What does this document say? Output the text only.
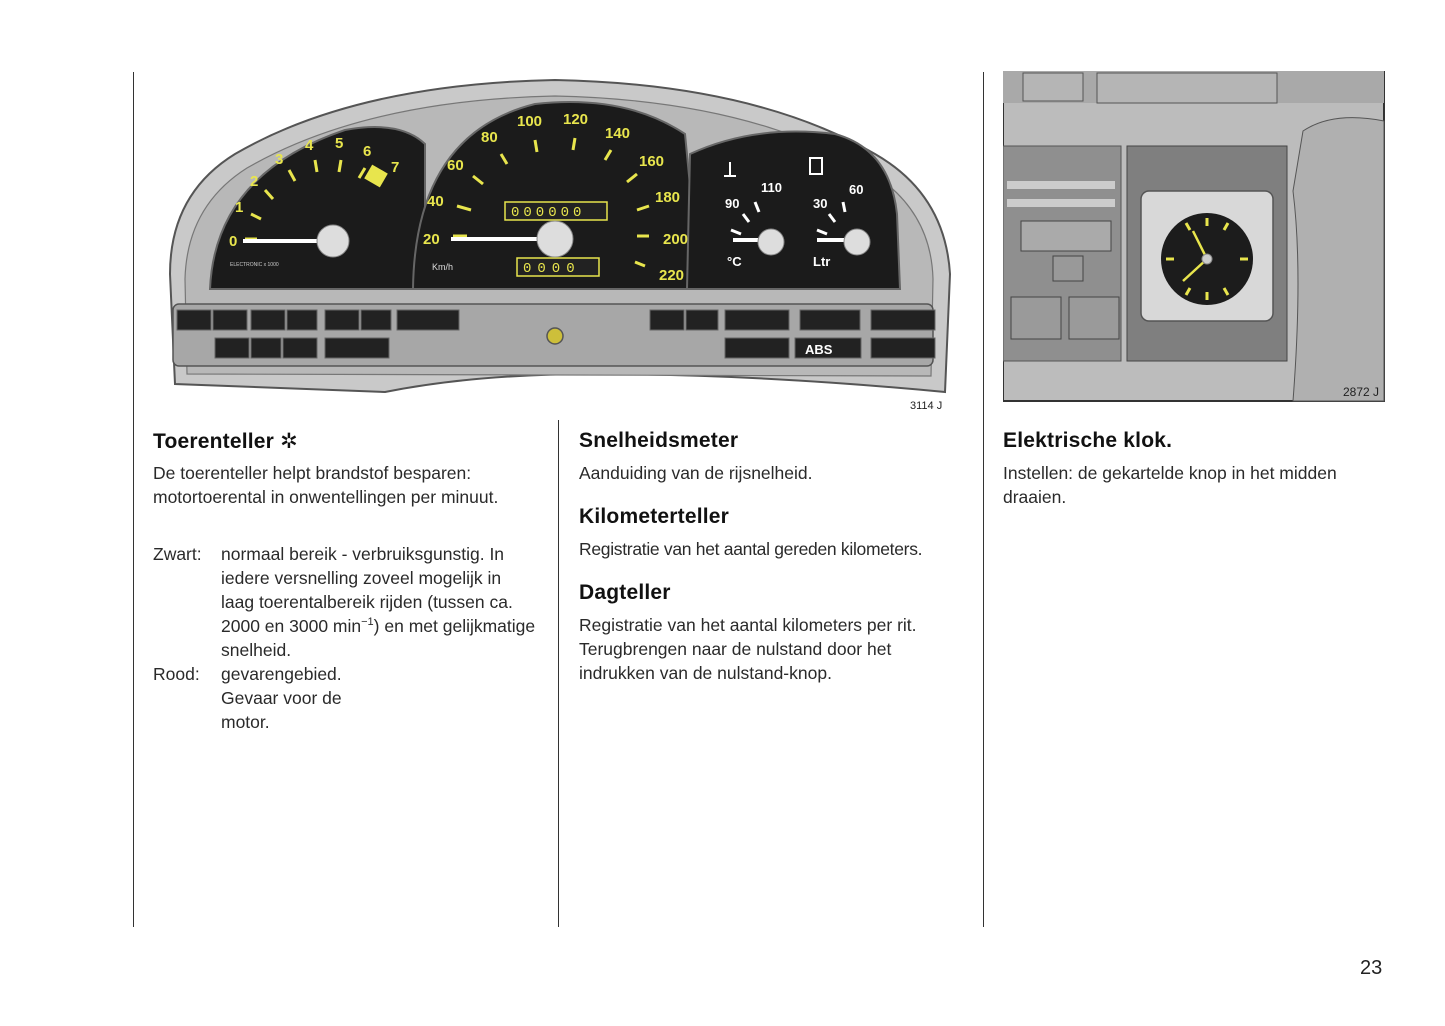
ABS
0
1
2
3
4 5 6
7
ELECTRONIC x 1000
20
40
60
80
100 120
140
160
180
200
220
Km/h
000000
0000
90
110
°C
30
60
Ltr
3114 J
2872 J
Toerenteller ✲

De toerenteller helpt brandstof besparen: motortoerental in onwentellingen per minuut.

Zwart:	normaal bereik - verbruiksgunstig. In iedere versnelling zoveel mogelijk in laag toerentalbereik rijden (tussen ca. 2000 en 3000 $\min^{-1}$) en met gelijkmatige snelheid.
Rood:	gevarengebied. Gevaar voor de motor.
Snelheidsmeter

Aanduiding van de rijsnelheid.

Kilometerteller

Registratie van het aantal gereden kilometers.

Dagteller

Registratie van het aantal kilometers per rit. Terugbrengen naar de nulstand door het indrukken van de nulstand-knop.

Elektrische klok.

Instellen: de gekartelde knop in het midden draaien.

23
